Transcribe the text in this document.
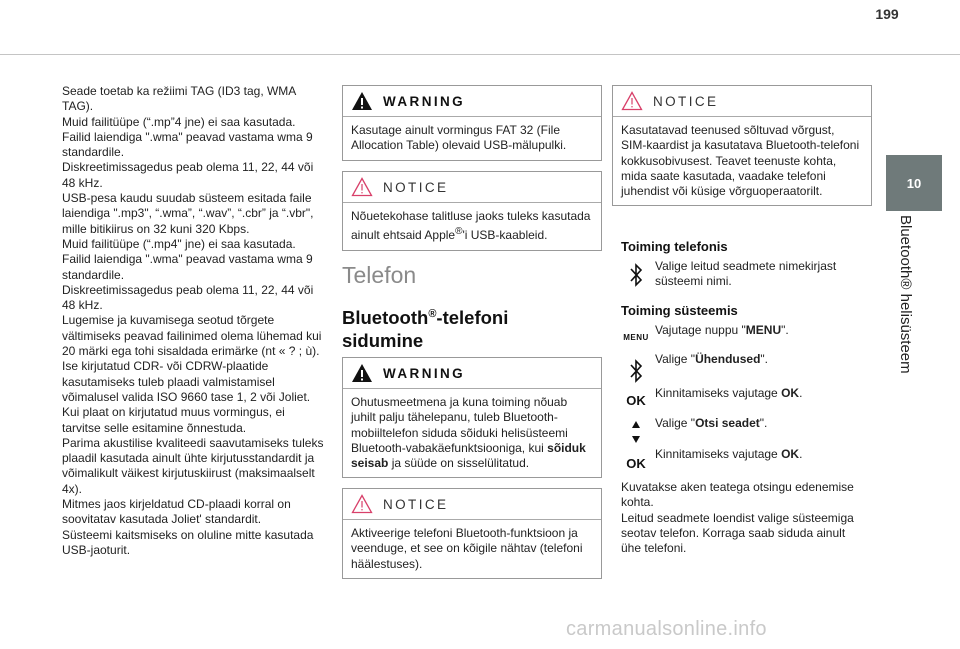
199
10
Bluetooth® helisüsteem

Seade toetab ka režiimi TAG (ID3 tag, WMA TAG).

Muid failitüüpe (“.mp”4 jne) ei saa kasutada.

Failid laiendiga ".wma" peavad vastama wma 9 standardile.

Diskreetimissagedus peab olema 11, 22, 44 või 48 kHz.

USB-pesa kaudu suudab süsteem esitada faile laiendiga ".mp3", “.wma”, “.wav”, “.cbr” ja “.vbr", mille bitikiirus on 32 kuni 320 Kbps.

Muid failitüüpe (“.mp4" jne) ei saa kasutada.

Failid laiendiga ".wma" peavad vastama wma 9 standardile.

Diskreetimissagedus peab olema 11, 22, 44 või 48 kHz.

Lugemise ja kuvamisega seotud tõrgete vältimiseks peavad failinimed olema lühemad kui 20 märki ega tohi sisaldada erimärke (nt « ? ; ù).

Ise kirjutatud CDR- või CDRW-plaatide kasutamiseks tuleb plaadi valmistamisel võimalusel valida ISO 9660 tase 1, 2 või Joliet.

Kui plaat on kirjutatud muus vormingus, ei tarvitse selle esitamine õnnestuda.

Parima akustilise kvaliteedi saavutamiseks tuleks plaadil kasutada ainult ühte kirjutusstandardit ja võimalikult väikest kirjutuskiirust (maksimaalselt 4x).

Mitmes jaos kirjeldatud CD-plaadi korral on soovitatav kasutada Joliet' standardit.

Süsteemi kaitsmiseks on oluline mitte kasutada USB-jaoturit.

WARNING
Kasutage ainult vormingus FAT 32 (File Allocation Table) olevaid USB-mälupulki.
NOTICE
Nõuetekohase talitluse jaoks tuleks kasutada ainult ehtsaid Apple®'i USB-kaableid.
Telefon
Bluetooth®-telefoni sidumine
WARNING
Ohutusmeetmena ja kuna toiming nõuab juhilt palju tähelepanu, tuleb Bluetooth-mobiiltelefon siduda sõiduki helisüsteemi Bluetooth-vabakäefunktsiooniga, kui sõiduk seisab ja süüde on sisselülitatud.
NOTICE
Aktiveerige telefoni Bluetooth-funktsioon ja veenduge, et see on kõigile nähtav (telefoni häälestuses).
NOTICE
Kasutatavad teenused sõltuvad võrgust, SIM-kaardist ja kasutatava Bluetooth-telefoni kokkusobivusest. Teavet teenuste kohta, mida saate kasutada, vaadake telefoni juhendist või küsige võrguoperaatorilt.
Toiming telefonis
Valige leitud seadmete nimekirjast süsteemi nimi.
Toiming süsteemis
MENU
Vajutage nuppu "MENU".
Valige "Ühendused".
OK Kinnitamiseks vajutage OK.
Valige "Otsi seadet".
OK
Kinnitamiseks vajutage OK.

Kuvatakse aken teatega otsingu edenemise kohta.

Leitud seadmete loendist valige süsteemiga seotav telefon. Korraga saab siduda ainult ühe telefoni.

carmanualsonline.info
